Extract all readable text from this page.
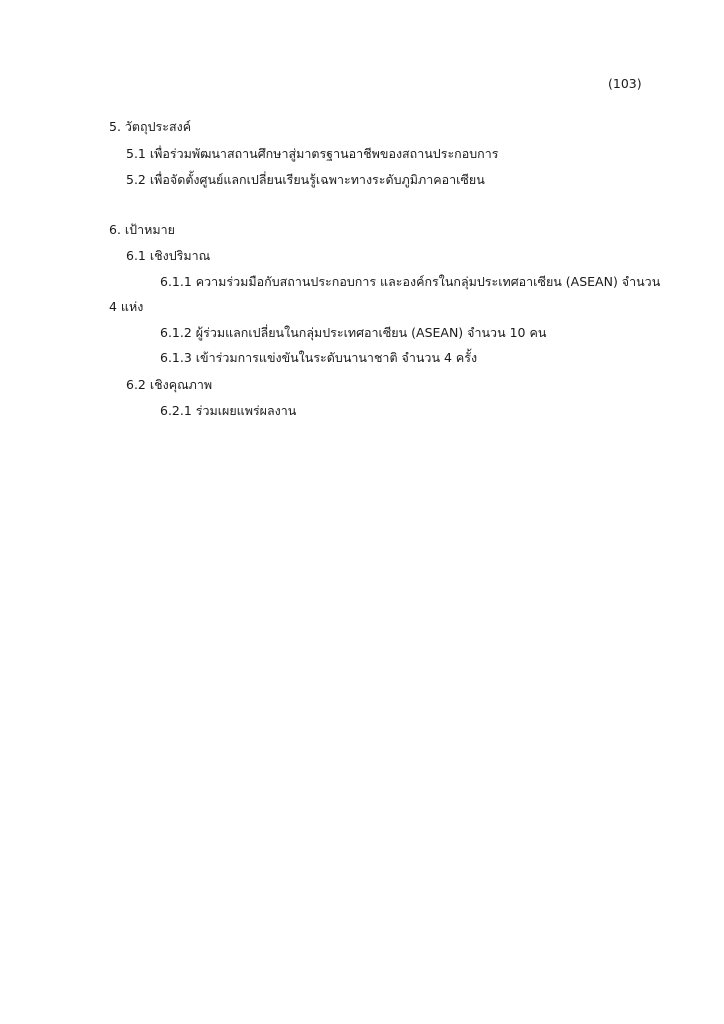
(103)
5. วัตถุประสงค์
5.1 เพื่อร่วมพัฒนาสถานศึกษาสู่มาตรฐานอาชีพของสถานประกอบการ
5.2 เพื่อจัดตั้งศูนย์แลกเปลี่ยนเรียนรู้เฉพาะทางระดับภูมิภาคอาเซียน
6. เป้าหมาย
6.1 เชิงปริมาณ
6.1.1 ความร่วมมือกับสถานประกอบการ และองค์กรในกลุ่มประเทศอาเซียน (ASEAN) จำนวน
4 แห่ง
6.1.2 ผู้ร่วมแลกเปลี่ยนในกลุ่มประเทศอาเซียน (ASEAN) จำนวน 10 คน
6.1.3 เข้าร่วมการแข่งขันในระดับนานาชาติ จำนวน 4 ครั้ง
6.2 เชิงคุณภาพ
6.2.1 ร่วมเผยแพร่ผลงาน
